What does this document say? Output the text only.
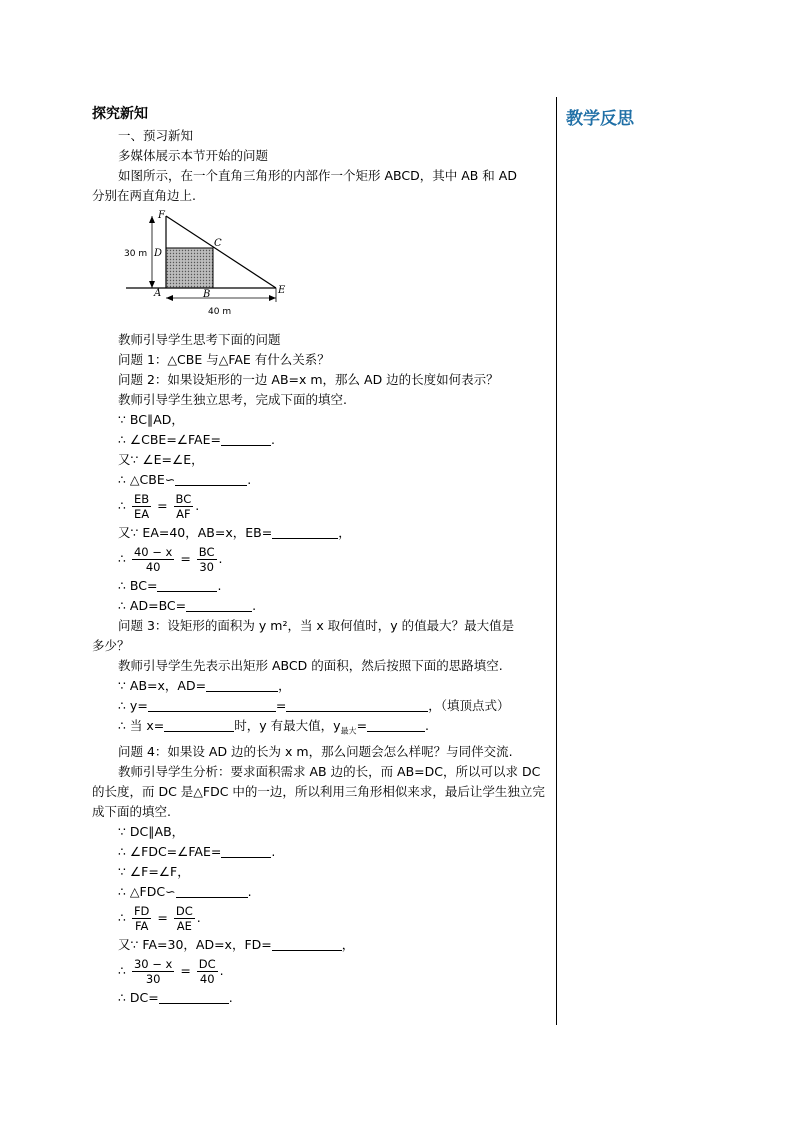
教学反思
探究新知

一、预习新知

多媒体展示本节开始的问题

如图所示，在一个直角三角形的内部作一个矩形 ABCD，其中 AB 和 AD

分别在两直角边上.

F
C
D
A	B	E
30 m
40 m

教师引导学生思考下面的问题

问题 1：△CBE 与△FAE 有什么关系？

问题 2：如果设矩形的一边 AB=x m，那么 AD 边的长度如何表示？

教师引导学生独立思考，完成下面的填空.

∵ BC∥AD，

∴ ∠CBE=∠FAE=	.

又∵ ∠E=∠E，

∴ △CBE∽	.

∴ $\frac{EB}{EA} = \frac{BC}{AF}$ .

又∵ EA=40，AB=x，EB=	，

∴ $\frac{40 - x}{40} = \frac{BC}{30}$ .

∴ BC=	.

∴ AD=BC=	.

问题 3：设矩形的面积为 y m²，当 x 取何值时，y 的值最大？最大值是

多少？

教师引导学生先表示出矩形 ABCD 的面积，然后按照下面的思路填空.

∵ AB=x，AD=	，

∴ y=	=	，（填顶点式）

∴ 当 x=	时，y 有最大值，$y_{最大}=$	.

问题 4：如果设 AD 边的长为 x m，那么问题会怎么样呢？与同伴交流.

教师引导学生分析：要求面积需求 AB 边的长，而 AB=DC，所以可以求 DC 的长度，而 DC 是△FDC 中的一边，所以利用三角形相似来求，最后让学生独立完成下面的填空.

∵ DC∥AB，

∴ ∠FDC=∠FAE=	.

∵ ∠F=∠F，

∴ △FDC∽	.

∴ $\frac{FD}{FA} = \frac{DC}{AE}$ .

又∵ FA=30，AD=x，FD=	，

∴ $\frac{30 - x}{30} = \frac{DC}{40}$ .

∴ DC=	.
